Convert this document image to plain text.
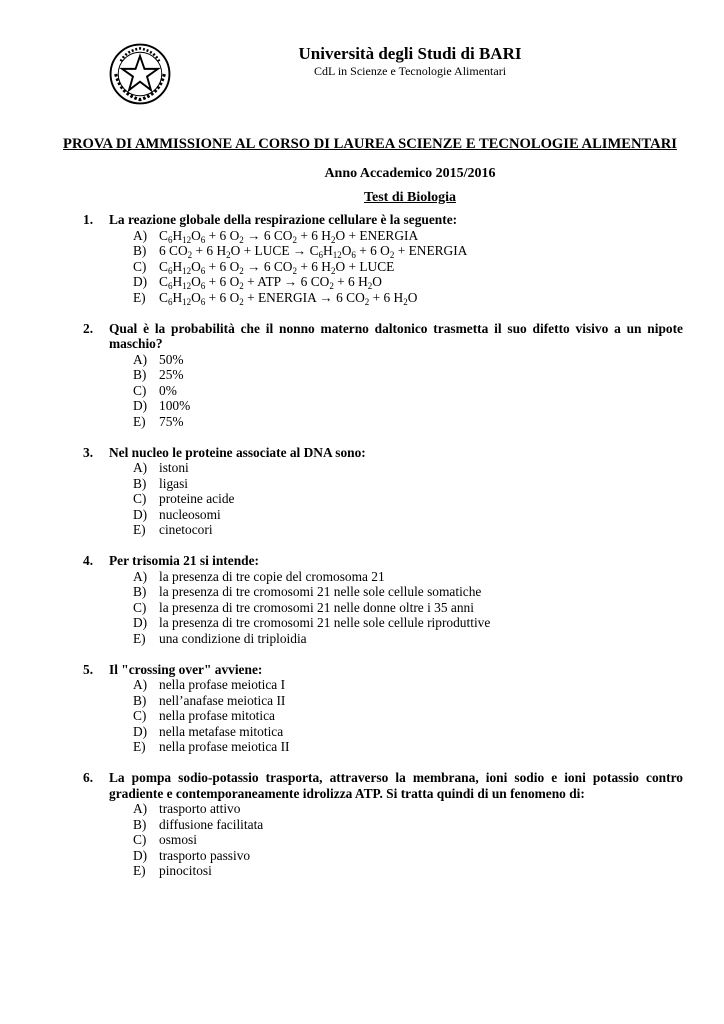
Università degli Studi di BARI
CdL in Scienze e Tecnologie Alimentari
PROVA DI AMMISSIONE AL CORSO DI LAUREA SCIENZE E TECNOLOGIE ALIMENTARI
Anno Accademico 2015/2016
Test di Biologia
1.	La reazione globale della respirazione cellulare è la seguente:
A) $C_6H_{12}O_6 + 6$ $O_2 \to 6$ $CO_2 + 6$ $H_2O$ + ENERGIA
B) 6 $CO_2 + 6$ $H_2O$ + LUCE → $C_6H_{12}O_6 + 6$ $O_2$ + ENERGIA
C) $C_6H_{12}O_6 + 6$ $O_2 \to 6$ $CO_2 + 6$ $H_2O$ + LUCE
D) $C_6H_{12}O_6 + 6$ $O_2$ + ATP → 6 $CO_2 + 6$ $H_2O$
E) $C_6H_{12}O_6 + 6$ $O_2$ + ENERGIA → 6 $CO_2 + 6$ $H_2O$
2.	Qual è la probabilità che il nonno materno daltonico trasmetta il suo difetto visivo a un nipote maschio?
A) 50%
B) 25%
C) 0%
D) 100%
E) 75%
3.	Nel nucleo le proteine associate al DNA sono:
A) istoni
B) ligasi
C) proteine acide
D) nucleosomi
E) cinetocori
4.	Per trisomia 21 si intende:
A) la presenza di tre copie del cromosoma 21
B) la presenza di tre cromosomi 21 nelle sole cellule somatiche
C) la presenza di tre cromosomi 21 nelle donne oltre i 35 anni
D) la presenza di tre cromosomi 21 nelle sole cellule riproduttive
E) una condizione di triploidia
5.	Il "crossing over" avviene:
A) nella profase meiotica I
B) nell’anafase meiotica II
C) nella profase mitotica
D) nella metafase mitotica
E) nella profase meiotica II
6.	La pompa sodio-potassio trasporta, attraverso la membrana, ioni sodio e ioni potassio contro gradiente e contemporaneamente idrolizza ATP. Si tratta quindi di un fenomeno di:
A) trasporto attivo
B) diffusione facilitata
C) osmosi
D) trasporto passivo
E) pinocitosi
